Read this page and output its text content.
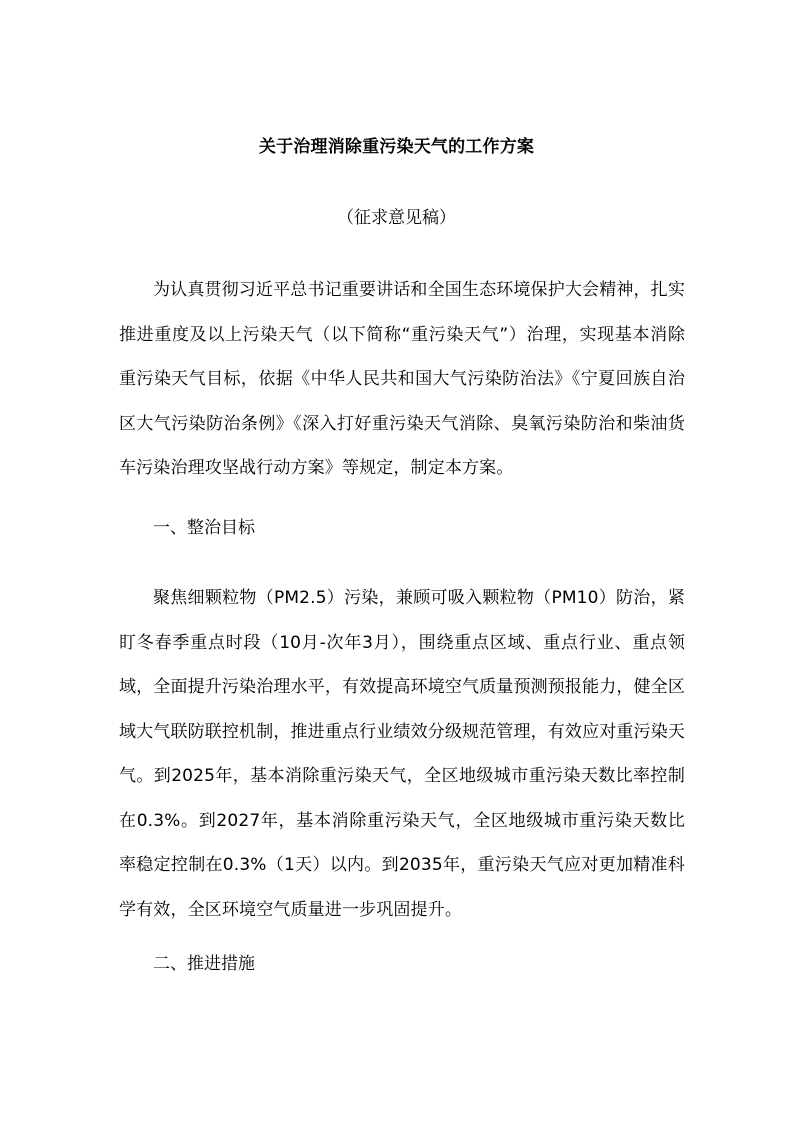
关于治理消除重污染天气的工作方案
（征求意见稿）

为认真贯彻习近平总书记重要讲话和全国生态环境保护大会精神，扎实推进重度及以上污染天气（以下简称“重污染天气”）治理，实现基本消除重污染天气目标，依据《中华人民共和国大气污染防治法》《宁夏回族自治区大气污染防治条例》《深入打好重污染天气消除、臭氧污染防治和柴油货车污染治理攻坚战行动方案》等规定，制定本方案。

一、整治目标

聚焦细颗粒物（PM2.5）污染，兼顾可吸入颗粒物（PM10）防治，紧盯冬春季重点时段（10月-次年3月），围绕重点区域、重点行业、重点领域，全面提升污染治理水平，有效提高环境空气质量预测预报能力，健全区域大气联防联控机制，推进重点行业绩效分级规范管理，有效应对重污染天气。到2025年，基本消除重污染天气，全区地级城市重污染天数比率控制在0.3%。到2027年，基本消除重污染天气，全区地级城市重污染天数比率稳定控制在0.3%（1天）以内。到2035年，重污染天气应对更加精准科学有效，全区环境空气质量进一步巩固提升。

二、推进措施
